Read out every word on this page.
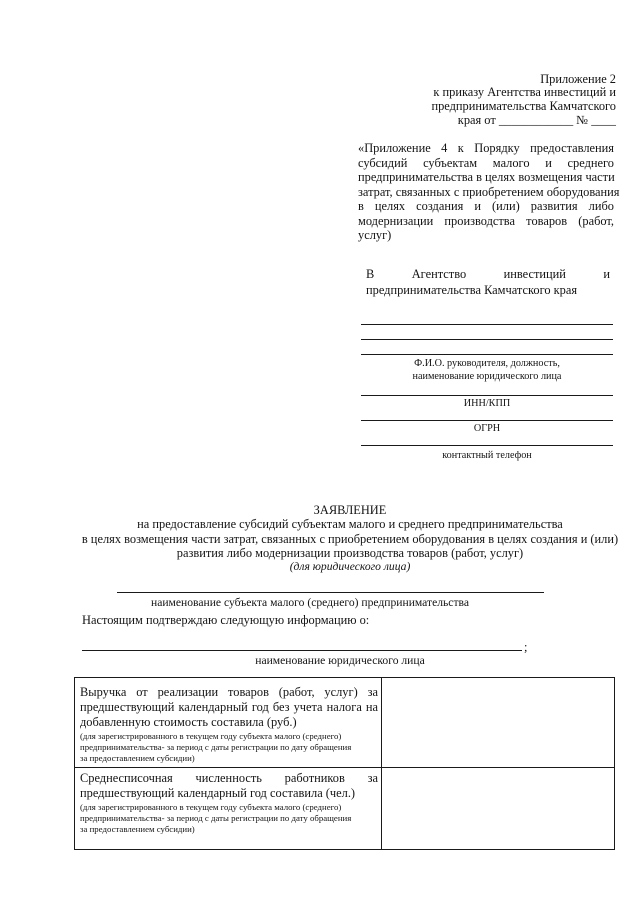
Приложение 2
к приказу Агентства инвестиций и
предпринимательства Камчатского
края от ____________ № ____
«Приложение 4 к Порядку предоставления
субсидий субъектам малого и среднего
предпринимательства в целях возмещения части
затрат, связанных с приобретением оборудования
в целях создания и (или) развития либо
модернизации производства товаров (работ,
услуг)
В Агентство инвестиций и
предпринимательства Камчатского края
Ф.И.О. руководителя, должность,
наименование юридического лица
ИНН/КПП
ОГРН
контактный телефон
ЗАЯВЛЕНИЕ
на предоставление субсидий субъектам малого и среднего предпринимательства
в целях возмещения части затрат, связанных с приобретением оборудования в целях создания и (или)
развития либо модернизации производства товаров (работ, услуг)
(для юридического лица)
наименование субъекта малого (среднего) предпринимательства
Настоящим подтверждаю следующую информацию о:
;
наименование юридического лица
Выручка от реализации товаров (работ, услуг) за
предшествующий календарный год без учета налога на
добавленную стоимость составила (руб.)
(для зарегистрированного в текущем году субъекта малого (среднего)
предпринимательства- за период с даты регистрации по дату обращения
за предоставлением субсидии)
Среднесписочная численность работников за
предшествующий календарный год составила (чел.)
(для зарегистрированного в текущем году субъекта малого (среднего)
предпринимательства- за период с даты регистрации по дату обращения
за предоставлением субсидии)
